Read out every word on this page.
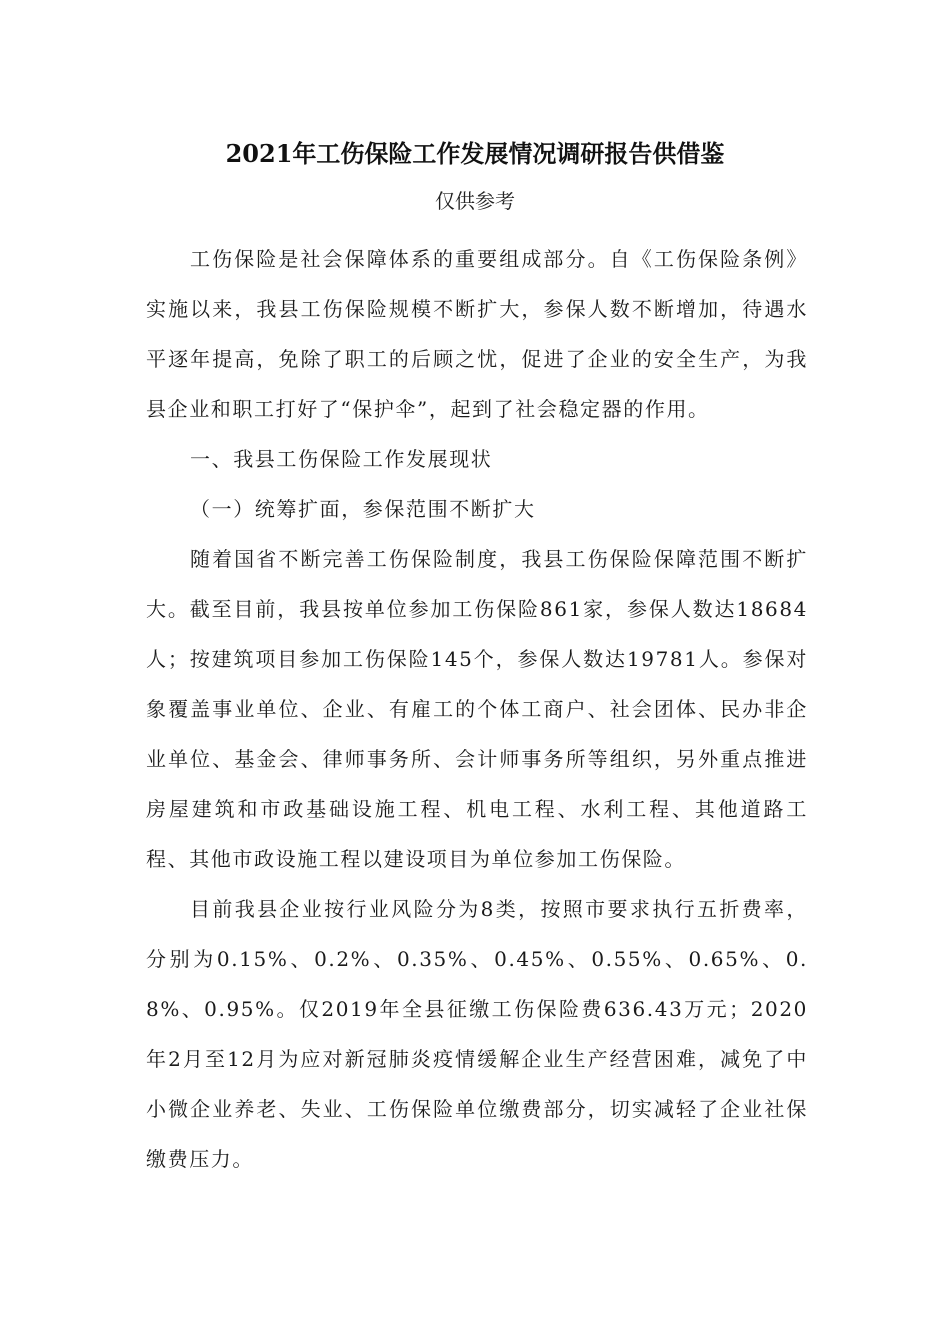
2021年工伤保险工作发展情况调研报告供借鉴
仅供参考

工伤保险是社会保障体系的重要组成部分。自《工伤保险条例》实施以来，我县工伤保险规模不断扩大，参保人数不断增加，待遇水平逐年提高，免除了职工的后顾之忧，促进了企业的安全生产，为我县企业和职工打好了“保护伞”，起到了社会稳定器的作用。

一、我县工伤保险工作发展现状

（一）统筹扩面，参保范围不断扩大

随着国省不断完善工伤保险制度，我县工伤保险保障范围不断扩大。截至目前，我县按单位参加工伤保险861家，参保人数达18684人；按建筑项目参加工伤保险145个，参保人数达19781人。参保对象覆盖事业单位、企业、有雇工的个体工商户、社会团体、民办非企业单位、基金会、律师事务所、会计师事务所等组织，另外重点推进房屋建筑和市政基础设施工程、机电工程、水利工程、其他道路工程、其他市政设施工程以建设项目为单位参加工伤保险。

目前我县企业按行业风险分为8类，按照市要求执行五折费率，分别为0.15%、0.2%、0.35%、0.45%、0.55%、0.65%、0.8%、0.95%。仅2019年全县征缴工伤保险费636.43万元；2020年2月至12月为应对新冠肺炎疫情缓解企业生产经营困难，减免了中小微企业养老、失业、工伤保险单位缴费部分，切实减轻了企业社保缴费压力。
